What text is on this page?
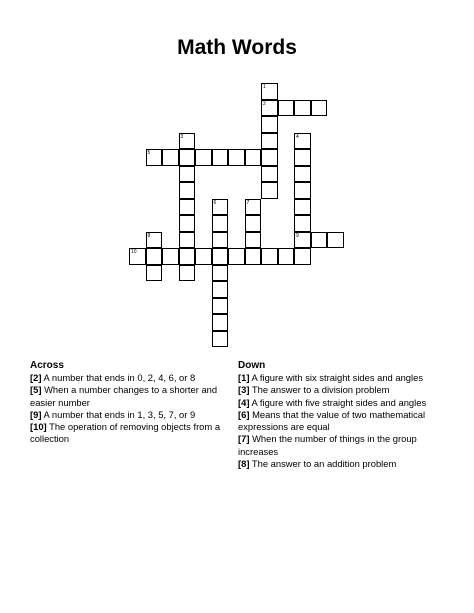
Math Words
2
5
9
10
1
3	4
6	7
8
Across
[2] A number that ends in 0, 2, 4, 6, or 8
[5] When a number changes to a shorter and easier number
[9] A number that ends in 1, 3, 5, 7, or 9
[10] The operation of removing objects from a collection
Down
[1] A figure with six straight sides and angles
[3] The answer to a division problem
[4] A figure with five straight sides and angles
[6] Means that the value of two mathematical expressions are equal
[7] When the number of things in the group increases
[8] The answer to an addition problem
